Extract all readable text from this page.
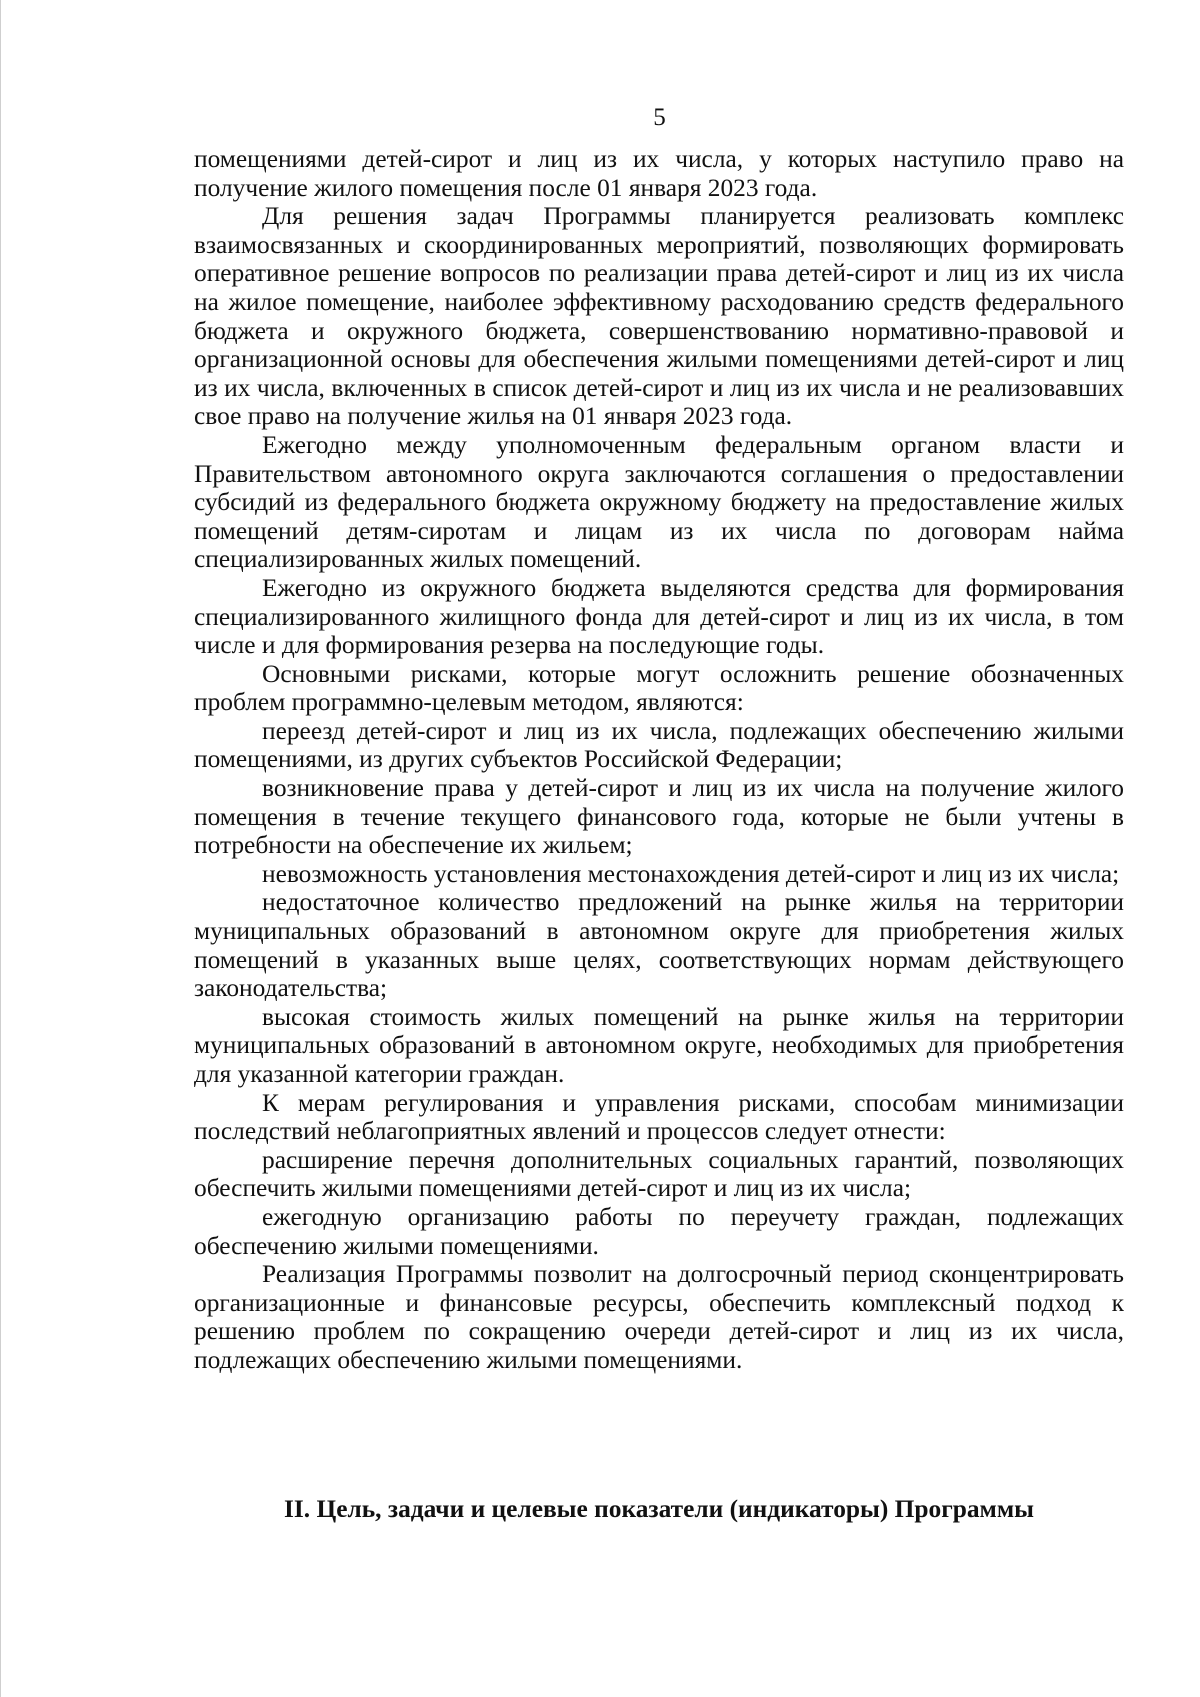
5

помещениями детей-сирот и лиц из их числа, у которых наступило право на получение жилого помещения после 01 января 2023 года.

Для решения задач Программы планируется реализовать комплекс взаимосвязанных и скоординированных мероприятий, позволяющих формировать оперативное решение вопросов по реализации права детей-сирот и лиц из их числа на жилое помещение, наиболее эффективному расходованию средств федерального бюджета и окружного бюджета, совершенствованию нормативно-правовой и организационной основы для обеспечения жилыми помещениями детей-сирот и лиц из их числа, включенных в список детей-сирот и лиц из их числа и не реализовавших свое право на получение жилья на 01 января 2023 года.

Ежегодно между уполномоченным федеральным органом власти и Правительством автономного округа заключаются соглашения о предоставлении субсидий из федерального бюджета окружному бюджету на предоставление жилых помещений детям-сиротам и лицам из их числа по договорам найма специализированных жилых помещений.

Ежегодно из окружного бюджета выделяются средства для формирования специализированного жилищного фонда для детей-сирот и лиц из их числа, в том числе и для формирования резерва на последующие годы.

Основными рисками, которые могут осложнить решение обозначенных проблем программно-целевым методом, являются:

переезд детей-сирот и лиц из их числа, подлежащих обеспечению жилыми помещениями, из других субъектов Российской Федерации;

возникновение права у детей-сирот и лиц из их числа на получение жилого помещения в течение текущего финансового года, которые не были учтены в потребности на обеспечение их жильем;

невозможность установления местонахождения детей-сирот и лиц из их числа;

недостаточное количество предложений на рынке жилья на территории муниципальных образований в автономном округе для приобретения жилых помещений в указанных выше целях, соответствующих нормам действующего законодательства;

высокая стоимость жилых помещений на рынке жилья на территории муниципальных образований в автономном округе, необходимых для приобретения для указанной категории граждан.

К мерам регулирования и управления рисками, способам минимизации последствий неблагоприятных явлений и процессов следует отнести:

расширение перечня дополнительных социальных гарантий, позволяющих обеспечить жилыми помещениями детей-сирот и лиц из их числа;

ежегодную организацию работы по переучету граждан, подлежащих обеспечению жилыми помещениями.

Реализация Программы позволит на долгосрочный период сконцентрировать организационные и финансовые ресурсы, обеспечить комплексный подход к решению проблем по сокращению очереди детей-сирот и лиц из их числа, подлежащих обеспечению жилыми помещениями.

II. Цель, задачи и целевые показатели (индикаторы) Программы
